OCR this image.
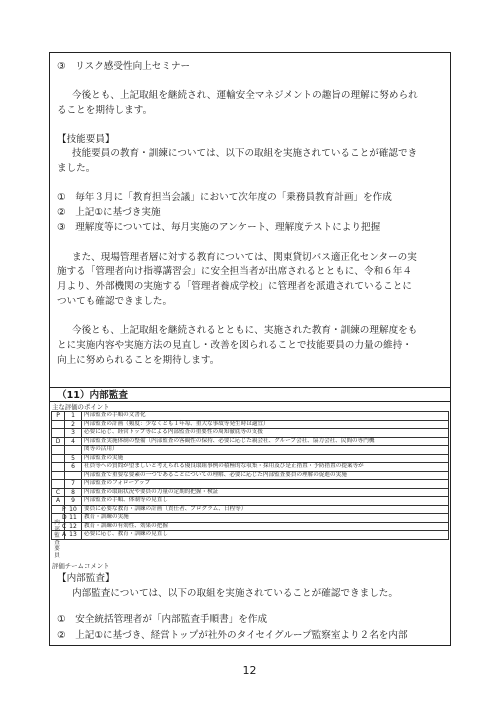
③　リスク感受性向上セミナー
今後とも、上記取組を継続され、運輸安全マネジメントの趣旨の理解に努められ
ることを期待します。
【技能要員】
技能要員の教育・訓練については、以下の取組を実施されていることが確認でき
ました。
①　毎年３月に「教育担当会議」において次年度の「乗務員教育計画」を作成
②　上記①に基づき実施
③　理解度等については、毎月実施のアンケート、理解度テストにより把握
また、現場管理者層に対する教育については、関東貸切バス適正化センターの実
施する「管理者向け指導講習会」に安全担当者が出席されるとともに、令和６年４
月より、外部機関の実施する「管理者養成学校」に管理者を派遣されていることに
ついても確認できました。
今後とも、上記取組を継続されるとともに、実施された教育・訓練の理解度をも
とに実施内容や実施方法の見直し・改善を図られることで技能要員の力量の維持・
向上に努められることを期待します。
（11）内部監査
主な評価のポイント
P	1	内部監査の手順の文書化
	2	内部監査の計画（頻度：少なくとも１年毎、重大な事故等発生時は適宜）
	3	必要に応じ、経営トップ等による内部監査の重要性の周知徹底等の支援
D	4	内部監査実施体制の整備（内部監査の客観性の保持、必要に応じた親会社、グループ会社、協力会社、民間の専門機
		関等の活用）
	5	内部監査の実施
	6	社員等への質問が望ましいと考えられる優良取組事例の積極的な収集・採用及び是正措置・予防措置の提案等が
		内部監査で重要な要素の一つであることについての理解、必要に応じた内部監査要員の理解の促進の実施
	7	内部監査のフォローアップ
C	8	内部監査の取組状況や要員の力量の定期的把握・検証
A	9	内部監査の手順、体制等の見直し
P	10	要員に必要な教育・訓練の計画（責任者、プログラム、日程等）
D	11	教育・訓練の実施
C	12	教育・訓練の有効性、効果の把握
A	13	必要に応じ、教育・訓練の見直し
内部監査要員
評価チームコメント
【内部監査】
内部監査については、以下の取組を実施されていることが確認できました。
①　安全統括管理者が「内部監査手順書」を作成
②　上記①に基づき、経営トップが社外のタイセイグループ監察室より２名を内部
12
